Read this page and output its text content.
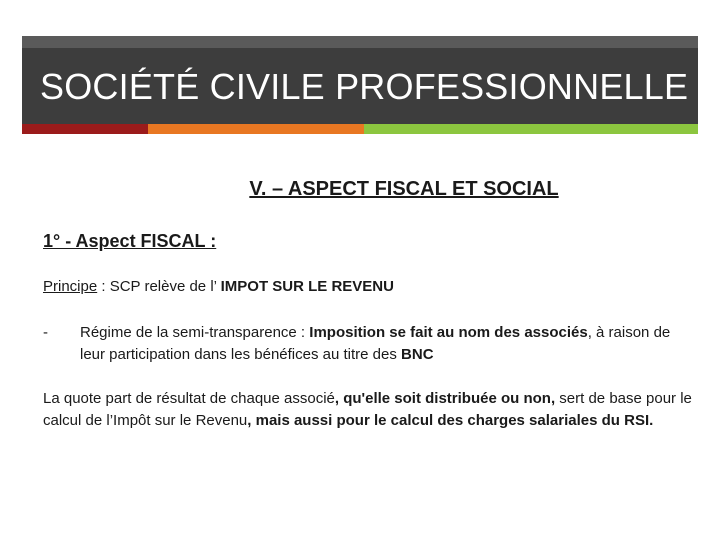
SOCIÉTÉ CIVILE PROFESSIONNELLE
V. – ASPECT FISCAL ET SOCIAL
1° - Aspect FISCAL :
Principe : SCP relève de l’ IMPOT SUR LE REVENU
- Régime de la semi-transparence : Imposition se fait au nom des associés, à raison de leur participation dans les bénéfices au titre des BNC
La quote part de résultat de chaque associé, qu'elle soit distribuée ou non, sert de base pour le calcul de l’Impôt sur le Revenu, mais aussi pour le calcul des charges salariales du RSI.
